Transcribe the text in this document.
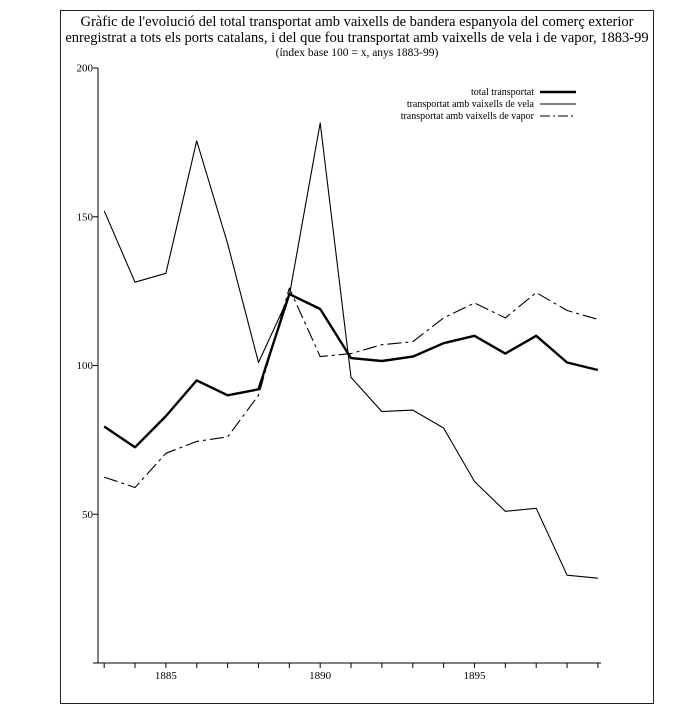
Gràfic de l'evolució del total transportat amb vaixells de bandera espanyola del comerç exterior
enregistrat a tots els ports catalans, i del que fou transportat amb vaixells de vela i de vapor, 1883-99
(índex base 100 = x, anys 1883-99)
50
100
150
200
1885	1890	1895
total transportat
transportat amb vaixells de vela
transportat amb vaixells de vapor
